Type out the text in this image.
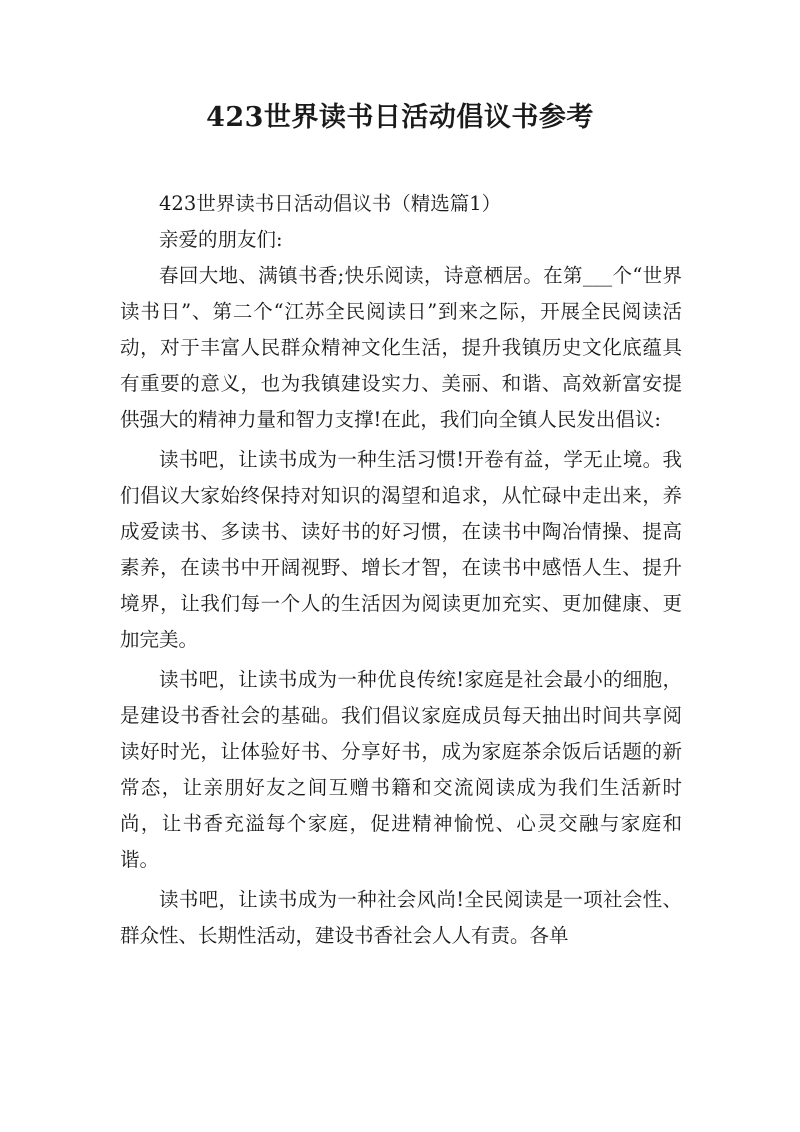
423世界读书日活动倡议书参考

423世界读书日活动倡议书（精选篇1）

亲爱的朋友们:

春回大地、满镇书香;快乐阅读，诗意栖居。在第___个“世界读书日”、第二个“江苏全民阅读日”到来之际，开展全民阅读活动，对于丰富人民群众精神文化生活，提升我镇历史文化底蕴具有重要的意义，也为我镇建设实力、美丽、和谐、高效新富安提供强大的精神力量和智力支撑!在此，我们向全镇人民发出倡议:

读书吧，让读书成为一种生活习惯!开卷有益，学无止境。我们倡议大家始终保持对知识的渴望和追求，从忙碌中走出来，养成爱读书、多读书、读好书的好习惯，在读书中陶冶情操、提高素养，在读书中开阔视野、增长才智，在读书中感悟人生、提升境界，让我们每一个人的生活因为阅读更加充实、更加健康、更加完美。

读书吧，让读书成为一种优良传统!家庭是社会最小的细胞，是建设书香社会的基础。我们倡议家庭成员每天抽出时间共享阅读好时光，让体验好书、分享好书，成为家庭茶余饭后话题的新常态，让亲朋好友之间互赠书籍和交流阅读成为我们生活新时尚，让书香充溢每个家庭，促进精神愉悦、心灵交融与家庭和谐。

读书吧，让读书成为一种社会风尚!全民阅读是一项社会性、群众性、长期性活动，建设书香社会人人有责。各单
